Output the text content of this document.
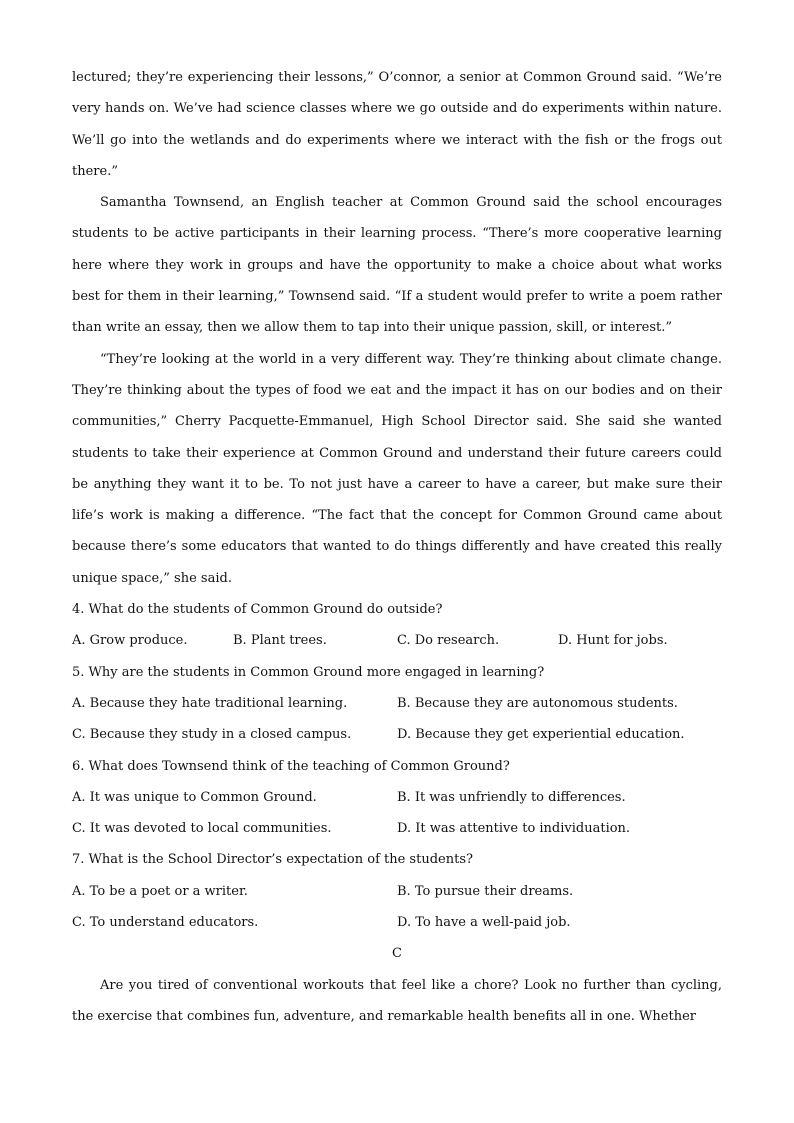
lectured; they’re experiencing their lessons,” O’connor, a senior at Common Ground said. “We’re very hands on. We’ve had science classes where we go outside and do experiments within nature. We’ll go into the wetlands and do experiments where we interact with the fish or the frogs out there.”

Samantha Townsend, an English teacher at Common Ground said the school encourages students to be active participants in their learning process. “There’s more cooperative learning here where they work in groups and have the opportunity to make a choice about what works best for them in their learning,” Townsend said. “If a student would prefer to write a poem rather than write an essay, then we allow them to tap into their unique passion, skill, or interest.”

“They’re looking at the world in a very different way. They’re thinking about climate change. They’re thinking about the types of food we eat and the impact it has on our bodies and on their communities,” Cherry Pacquette-Emmanuel, High School Director said. She said she wanted students to take their experience at Common Ground and understand their future careers could be anything they want it to be. To not just have a career to have a career, but make sure their life’s work is making a difference. “The fact that the concept for Common Ground came about because there’s some educators that wanted to do things differently and have created this really unique space,” she said.

4. What do the students of Common Ground do outside?

A. Grow produce.	B. Plant trees.	C. Do research.	D. Hunt for jobs.

5. Why are the students in Common Ground more engaged in learning?

A. Because they hate traditional learning.	B. Because they are autonomous students.
C. Because they study in a closed campus.	D. Because they get experiential education.

6. What does Townsend think of the teaching of Common Ground?

A. It was unique to Common Ground.	B. It was unfriendly to differences.
C. It was devoted to local communities.	D. It was attentive to individuation.

7. What is the School Director’s expectation of the students?

A. To be a poet or a writer.	B. To pursue their dreams.
C. To understand educators.	D. To have a well-paid job.

C

Are you tired of conventional workouts that feel like a chore? Look no further than cycling, the exercise that combines fun, adventure, and remarkable health benefits all in one. Whether
